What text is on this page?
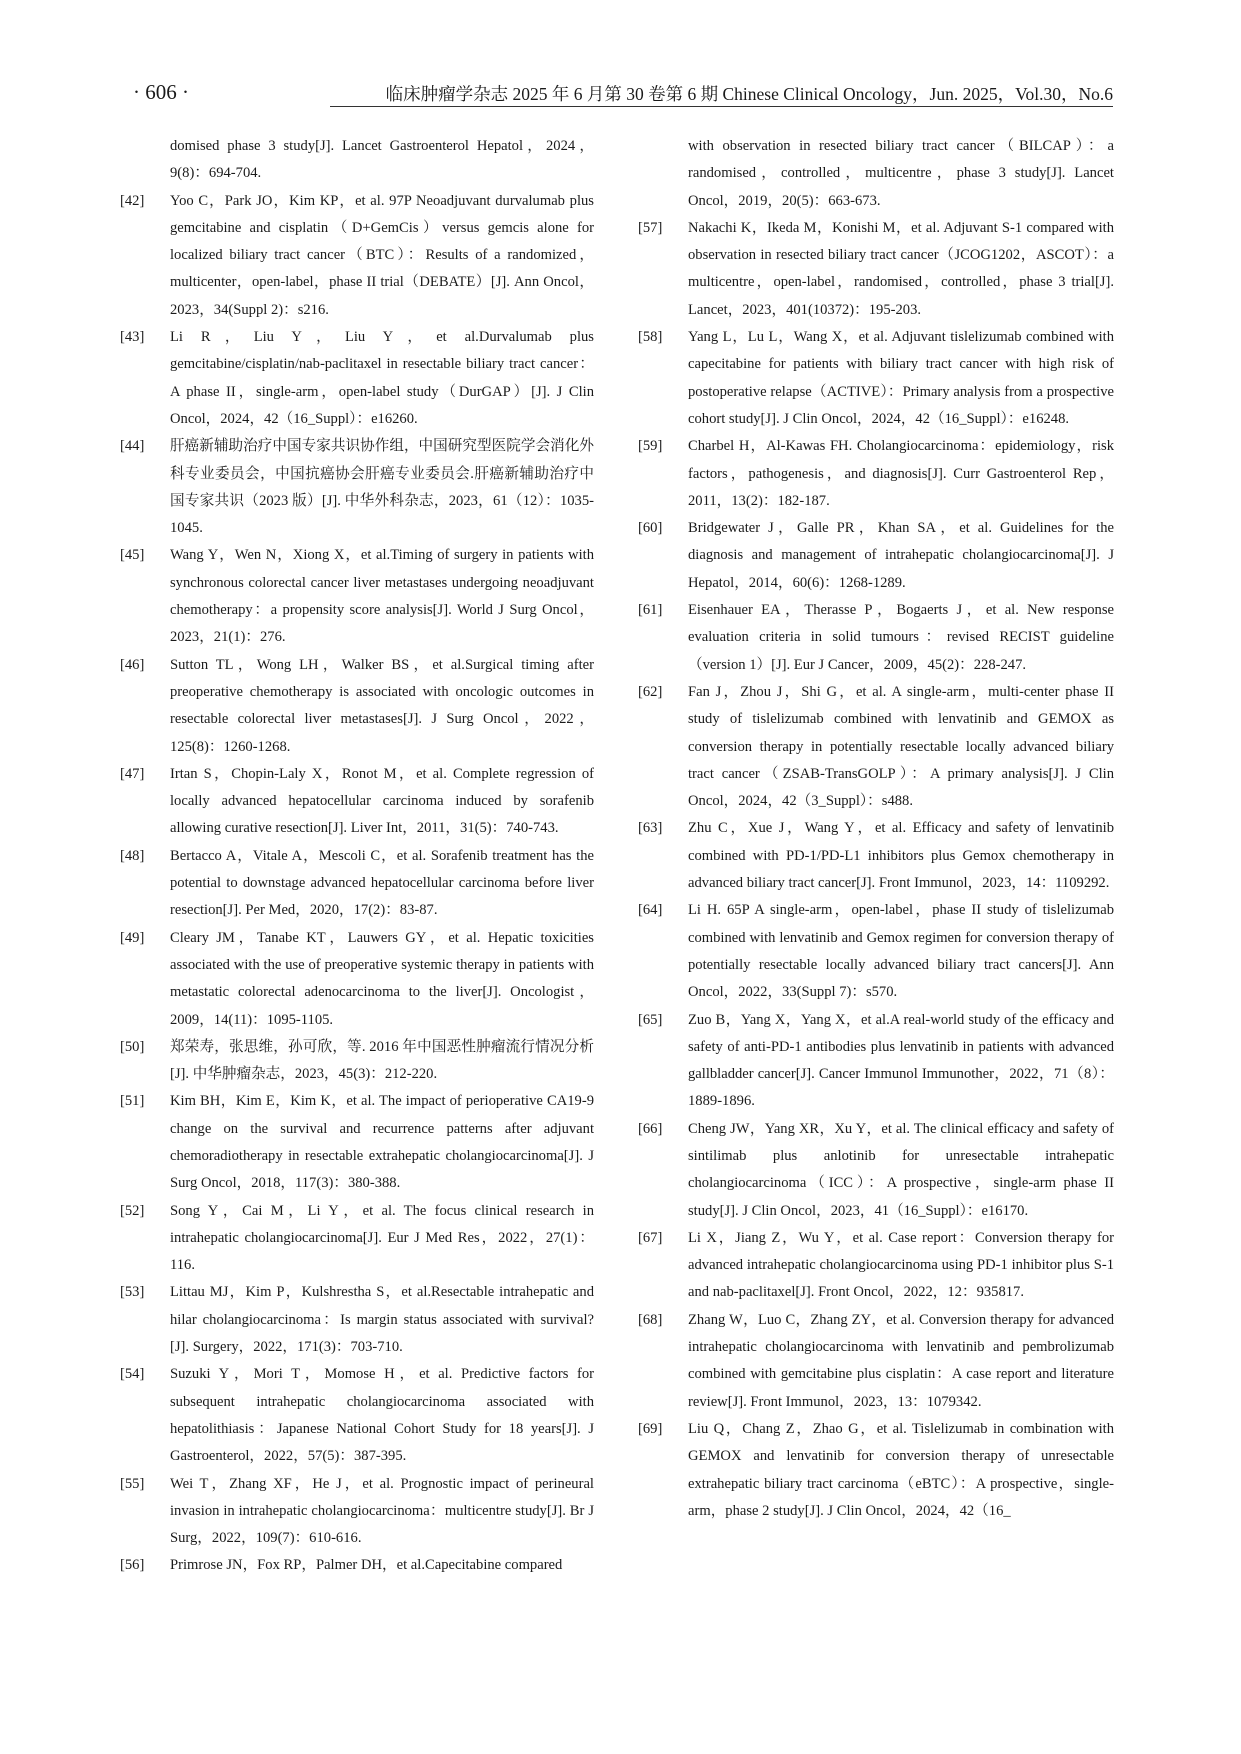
· 606 ·	临床肿瘤学杂志 2025 年 6 月第 30 卷第 6 期 Chinese Clinical Oncology，Jun. 2025，Vol.30，No.6
domised phase 3 study[J]. Lancet Gastroenterol Hepatol，2024，9(8)：694-704.
[42]	Yoo C，Park JO，Kim KP，et al. 97P Neoadjuvant durvalumab plus gemcitabine and cisplatin（D+GemCis）versus gemcis alone for localized biliary tract cancer（BTC）：Results of a randomized，multicenter，open-label，phase II trial（DEBATE）[J]. Ann Oncol，2023，34(Suppl 2)：s216.
[43]	Li R，Liu Y，Liu Y，et al.Durvalumab plus gemcitabine/cisplatin/nab-paclitaxel in resectable biliary tract cancer：A phase II，single-arm，open-label study（DurGAP）[J]. J Clin Oncol，2024，42（16_Suppl）：e16260.
[44]	肝癌新辅助治疗中国专家共识协作组，中国研究型医院学会消化外科专业委员会，中国抗癌协会肝癌专业委员会.肝癌新辅助治疗中国专家共识（2023 版）[J]. 中华外科杂志，2023，61（12）：1035-1045.
[45]	Wang Y，Wen N，Xiong X，et al.Timing of surgery in patients with synchronous colorectal cancer liver metastases undergoing neoadjuvant chemotherapy：a propensity score analysis[J]. World J Surg Oncol，2023，21(1)：276.
[46]	Sutton TL，Wong LH，Walker BS，et al.Surgical timing after preoperative chemotherapy is associated with oncologic outcomes in resectable colorectal liver metastases[J]. J Surg Oncol，2022，125(8)：1260-1268.
[47]	Irtan S，Chopin-Laly X，Ronot M，et al. Complete regression of locally advanced hepatocellular carcinoma induced by sorafenib allowing curative resection[J]. Liver Int，2011，31(5)：740-743.
[48]	Bertacco A，Vitale A，Mescoli C，et al. Sorafenib treatment has the potential to downstage advanced hepatocellular carcinoma before liver resection[J]. Per Med，2020，17(2)：83-87.
[49]	Cleary JM，Tanabe KT，Lauwers GY，et al. Hepatic toxicities associated with the use of preoperative systemic therapy in patients with metastatic colorectal adenocarcinoma to the liver[J]. Oncologist，2009，14(11)：1095-1105.
[50]	郑荣寿，张思维，孙可欣，等. 2016 年中国恶性肿瘤流行情况分析[J]. 中华肿瘤杂志，2023，45(3)：212-220.
[51]	Kim BH，Kim E，Kim K，et al. The impact of perioperative CA19-9 change on the survival and recurrence patterns after adjuvant chemoradiotherapy in resectable extrahepatic cholangiocarcinoma[J]. J Surg Oncol，2018，117(3)：380-388.
[52]	Song Y，Cai M，Li Y，et al. The focus clinical research in intrahepatic cholangiocarcinoma[J]. Eur J Med Res，2022，27(1)：116.
[53]	Littau MJ，Kim P，Kulshrestha S，et al.Resectable intrahepatic and hilar cholangiocarcinoma：Is margin status associated with survival?[J]. Surgery，2022，171(3)：703-710.
[54]	Suzuki Y，Mori T，Momose H，et al. Predictive factors for subsequent intrahepatic cholangiocarcinoma associated with hepatolithiasis：Japanese National Cohort Study for 18 years[J]. J Gastroenterol，2022，57(5)：387-395.
[55]	Wei T，Zhang XF，He J，et al. Prognostic impact of perineural invasion in intrahepatic cholangiocarcinoma：multicentre study[J]. Br J Surg，2022，109(7)：610-616.
[56]	Primrose JN，Fox RP，Palmer DH，et al.Capecitabine compared
with observation in resected biliary tract cancer（BILCAP）：a randomised，controlled，multicentre，phase 3 study[J]. Lancet Oncol，2019，20(5)：663-673.
[57]	Nakachi K，Ikeda M，Konishi M，et al. Adjuvant S-1 compared with observation in resected biliary tract cancer（JCOG1202，ASCOT）：a multicentre，open-label，randomised，controlled，phase 3 trial[J]. Lancet，2023，401(10372)：195-203.
[58]	Yang L，Lu L，Wang X，et al. Adjuvant tislelizumab combined with capecitabine for patients with biliary tract cancer with high risk of postoperative relapse（ACTIVE）：Primary analysis from a prospective cohort study[J]. J Clin Oncol，2024，42（16_Suppl）：e16248.
[59]	Charbel H，Al-Kawas FH. Cholangiocarcinoma：epidemiology，risk factors，pathogenesis，and diagnosis[J]. Curr Gastroenterol Rep，2011，13(2)：182-187.
[60]	Bridgewater J，Galle PR，Khan SA，et al. Guidelines for the diagnosis and management of intrahepatic cholangiocarcinoma[J]. J Hepatol，2014，60(6)：1268-1289.
[61]	Eisenhauer EA，Therasse P，Bogaerts J，et al. New response evaluation criteria in solid tumours：revised RECIST guideline（version 1）[J]. Eur J Cancer，2009，45(2)：228-247.
[62]	Fan J，Zhou J，Shi G，et al. A single-arm，multi-center phase II study of tislelizumab combined with lenvatinib and GEMOX as conversion therapy in potentially resectable locally advanced biliary tract cancer（ZSAB-TransGOLP）：A primary analysis[J]. J Clin Oncol，2024，42（3_Suppl）：s488.
[63]	Zhu C，Xue J，Wang Y，et al. Efficacy and safety of lenvatinib combined with PD-1/PD-L1 inhibitors plus Gemox chemotherapy in advanced biliary tract cancer[J]. Front Immunol，2023，14：1109292.
[64]	Li H. 65P A single-arm，open-label，phase II study of tislelizumab combined with lenvatinib and Gemox regimen for conversion therapy of potentially resectable locally advanced biliary tract cancers[J]. Ann Oncol，2022，33(Suppl 7)：s570.
[65]	Zuo B，Yang X，Yang X，et al.A real-world study of the efficacy and safety of anti-PD-1 antibodies plus lenvatinib in patients with advanced gallbladder cancer[J]. Cancer Immunol Immunother，2022，71（8）：1889-1896.
[66]	Cheng JW，Yang XR，Xu Y，et al. The clinical efficacy and safety of sintilimab plus anlotinib for unresectable intrahepatic cholangiocarcinoma（ICC）：A prospective，single-arm phase II study[J]. J Clin Oncol，2023，41（16_Suppl）：e16170.
[67]	Li X，Jiang Z，Wu Y，et al. Case report：Conversion therapy for advanced intrahepatic cholangiocarcinoma using PD-1 inhibitor plus S-1 and nab-paclitaxel[J]. Front Oncol，2022，12：935817.
[68]	Zhang W，Luo C，Zhang ZY，et al. Conversion therapy for advanced intrahepatic cholangiocarcinoma with lenvatinib and pembrolizumab combined with gemcitabine plus cisplatin：A case report and literature review[J]. Front Immunol，2023，13：1079342.
[69]	Liu Q，Chang Z，Zhao G，et al. Tislelizumab in combination with GEMOX and lenvatinib for conversion therapy of unresectable extrahepatic biliary tract carcinoma（eBTC）：A prospective，single-arm，phase 2 study[J]. J Clin Oncol，2024，42（16_
